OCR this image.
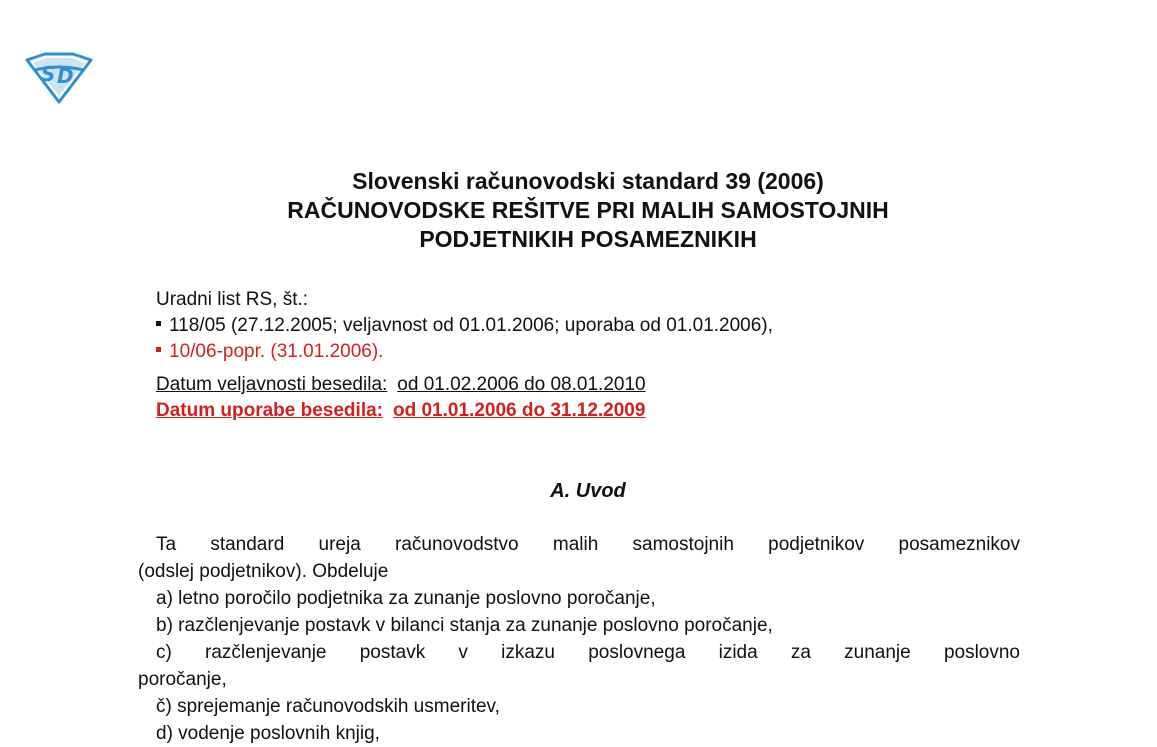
S D
Slovenski računovodski standard 39 (2006)
RAČUNOVODSKE REŠITVE PRI MALIH SAMOSTOJNIH
PODJETNIKIH POSAMEZNIKIH
Uradni list RS, št.:
118/05 (27.12.2005; veljavnost od 01.01.2006; uporaba od 01.01.2006),
10/06-popr. (31.01.2006).
Datum veljavnosti besedila: od 01.02.2006 do 08.01.2010
Datum uporabe besedila: od 01.01.2006 do 31.12.2009
A. Uvod

Ta standard ureja računovodstvo malih samostojnih podjetnikov posameznikov
(odslej podjetnikov). Obdeluje

a) letno poročilo podjetnika za zunanje poslovno poročanje,
b) razčlenjevanje postavk v bilanci stanja za zunanje poslovno poročanje,
c) razčlenjevanje postavk v izkazu poslovnega izida za zunanje poslovno
poročanje,
č) sprejemanje računovodskih usmeritev,
d) vodenje poslovnih knjig,
